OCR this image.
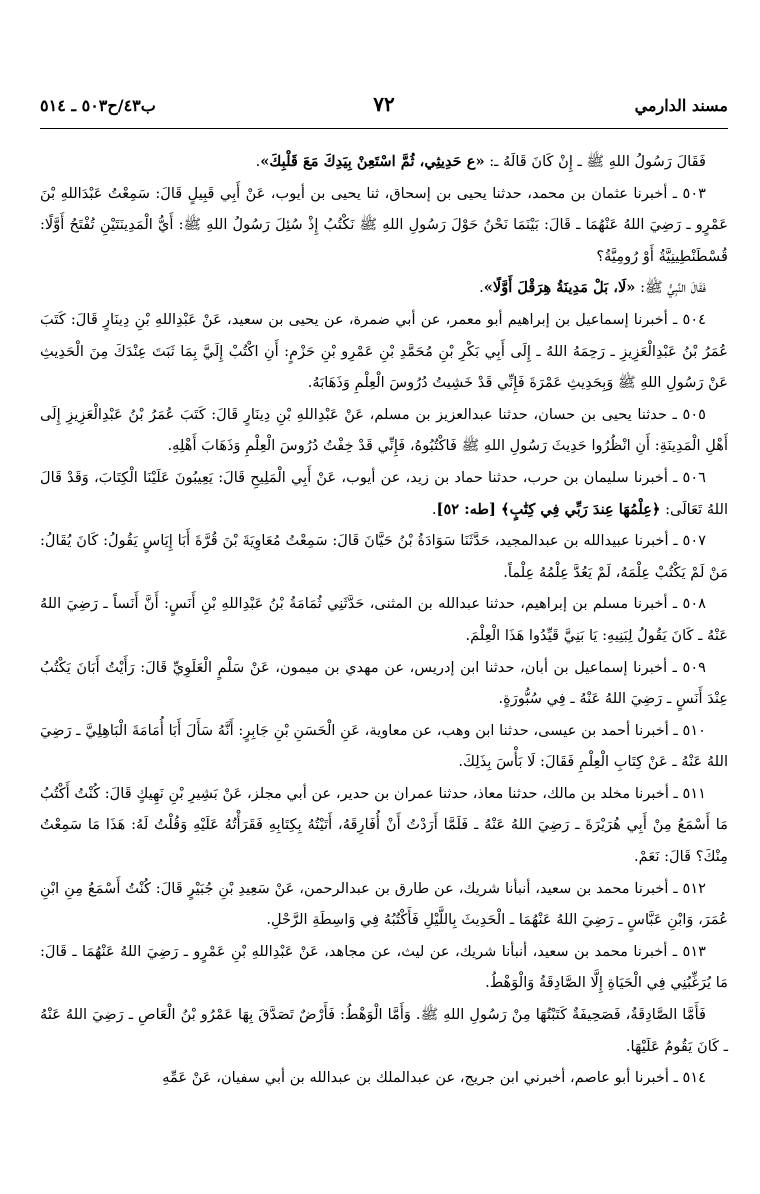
مسند الدارمي
٧٢
ب٤٣/ح٥٠٣ ـ ٥١٤

فَقَالَ رَسُولُ اللهِ ﷺ ـ إِنْ كَانَ قَالَهُ ـ: «ع حَدِيثِي، ثُمَّ اسْتَعِنْ بِيَدِكَ مَعَ قَلْبِكَ».

٥٠٣ ـ أخبرنا عثمان بن محمد، حدثنا يحيى بن إسحاق، ثنا يحيى بن أيوب، عَنْ أَبِي قَبِيلٍ قَالَ: سَمِعْتُ عَبْدَاللهِ بْنَ عَمْرٍو ـ رَضِيَ اللهُ عَنْهُمَا ـ قَالَ: بَيْنَمَا نَحْنُ حَوْلَ رَسُولِ اللهِ ﷺ نَكْتُبُ إِذْ سُئِلَ رَسُولُ اللهِ ﷺ: أَيُّ الْمَدِينَتَيْنِ تُفْتَحُ أَوَّلًا: قُسْطَنْطِينِيَّةُ أَوْ رُومِيَّةُ؟

فَقَالَ النَّبِيُّ ﷺ: «لَا، بَلْ مَدِينَةُ هِرَقْلَ أَوَّلًا».

٥٠٤ ـ أخبرنا إسماعيل بن إبراهيم أبو معمر، عن أبي ضمرة، عن يحيى بن سعيد، عَنْ عَبْدِاللهِ بْنِ دِينَارٍ قَالَ: كَتَبَ عُمَرُ بْنُ عَبْدِالْعَزِيزِ ـ رَحِمَهُ اللهُ ـ إِلَى أَبِي بَكْرِ بْنِ مُحَمَّدِ بْنِ عَمْرِو بْنِ حَزْمٍ: أَنِ اكْتُبْ إِلَيَّ بِمَا ثَبَتَ عِنْدَكَ مِنَ الْحَدِيثِ عَنْ رَسُولِ اللهِ ﷺ وَبِحَدِيثِ عَمْرَةَ فَإِنِّي قَدْ خَشِيتُ دُرُوسَ الْعِلْمِ وَذَهَابَهُ.

٥٠٥ ـ حدثنا يحيى بن حسان، حدثنا عبدالعزيز بن مسلم، عَنْ عَبْدِاللهِ بْنِ دِينَارٍ قَالَ: كَتَبَ عُمَرُ بْنُ عَبْدِالْعَزِيزِ إِلَى أَهْلِ الْمَدِينَةِ: أَنِ انْظُرُوا حَدِيثَ رَسُولِ اللهِ ﷺ فَاكْتُبُوهُ، فَإِنِّي قَدْ خِفْتُ دُرُوسَ الْعِلْمِ وَذَهَابَ أَهْلِهِ.

٥٠٦ ـ أخبرنا سليمان بن حرب، حدثنا حماد بن زيد، عن أيوب، عَنْ أَبِي الْمَلِيحِ قَالَ: يَعِيبُونَ عَلَيْنَا الْكِتَابَ، وَقَدْ قَالَ اللهُ تَعَالَى: ﴿عِلْمُهَا عِندَ رَبِّي فِي كِتَٰبٍ﴾ [طه: ٥٢].

٥٠٧ ـ أخبرنا عبيدالله بن عبدالمجيد، حَدَّثَنَا سَوَادَةُ بْنُ حَيَّانَ قَالَ: سَمِعْتُ مُعَاوِيَةَ بْنَ قُرَّةَ أَبَا إِيَاسٍ يَقُولُ: كَانَ يُقَالُ: مَنْ لَمْ يَكْتُبْ عِلْمَهُ، لَمْ يَعُدَّ عِلْمُهُ عِلْماً.

٥٠٨ ـ أخبرنا مسلم بن إبراهيم، حدثنا عبدالله بن المثنى، حَدَّثَنِي ثُمَامَةُ بْنُ عَبْدِاللهِ بْنِ أَنَسٍ: أَنَّ أَنَساً ـ رَضِيَ اللهُ عَنْهُ ـ كَانَ يَقُولُ لِبَنِيهِ: يَا بَنِيَّ قَيِّدُوا هَذَا الْعِلْمَ.

٥٠٩ ـ أخبرنا إسماعيل بن أبان، حدثنا ابن إدريس، عن مهدي بن ميمون، عَنْ سَلْمٍ الْعَلَوِيِّ قَالَ: رَأَيْتُ أَبَانَ يَكْتُبُ عِنْدَ أَنَسٍ ـ رَضِيَ اللهُ عَنْهُ ـ فِي سُبُّورَةٍ.

٥١٠ ـ أخبرنا أحمد بن عيسى، حدثنا ابن وهب، عن معاوية، عَنِ الْحَسَنِ بْنِ جَابِرٍ: أَنَّهُ سَأَلَ أَبَا أُمَامَةَ الْبَاهِلِيَّ ـ رَضِيَ اللهُ عَنْهُ ـ عَنْ كِتَابِ الْعِلْمِ فَقَالَ: لَا بَأْسَ بِذَلِكَ.

٥١١ ـ أخبرنا مخلد بن مالك، حدثنا معاذ، حدثنا عمران بن حدير، عن أبي مجلز، عَنْ بَشِيرِ بْنِ نَهِيكٍ قَالَ: كُنْتُ أَكْتُبُ مَا أَسْمَعُ مِنْ أَبِي هُرَيْرَةَ ـ رَضِيَ اللهُ عَنْهُ ـ فَلَمَّا أَرَدْتُ أَنْ أُفَارِقَهُ، أَتَيْتُهُ بِكِتَابِهِ فَقَرَأْتُهُ عَلَيْهِ وَقُلْتُ لَهُ: هَذَا مَا سَمِعْتُ مِنْكَ؟ قَالَ: نَعَمْ.

٥١٢ ـ أخبرنا محمد بن سعيد، أنبأنا شريك، عن طارق بن عبدالرحمن، عَنْ سَعِيدِ بْنِ جُبَيْرٍ قَالَ: كُنْتُ أَسْمَعُ مِنِ ابْنِ عُمَرَ، وَابْنِ عَبَّاسٍ ـ رَضِيَ اللهُ عَنْهُمَا ـ الْحَدِيثَ بِاللَّيْلِ فَأَكْتُبُهُ فِي وَاسِطَةِ الرَّحْلِ.

٥١٣ ـ أخبرنا محمد بن سعيد، أنبأنا شريك، عن ليث، عن مجاهد، عَنْ عَبْدِاللهِ بْنِ عَمْرٍو ـ رَضِيَ اللهُ عَنْهُمَا ـ قَالَ: مَا يُرَغِّبُنِي فِي الْحَيَاةِ إِلَّا الصَّادِقَةُ وَالْوَهْطُ.

فَأَمَّا الصَّادِقَةُ، فَصَحِيفَةٌ كَتَبْتُهَا مِنْ رَسُولِ اللهِ ﷺ. وَأَمَّا الْوَهْطُ: فَأَرْضٌ تَصَدَّقَ بِهَا عَمْرُو بْنُ الْعَاصِ ـ رَضِيَ اللهُ عَنْهُ ـ كَانَ يَقُومُ عَلَيْهَا.

٥١٤ ـ أخبرنا أبو عاصم، أخبرني ابن جريج، عن عبدالملك بن عبدالله بن أبي سفيان، عَنْ عَمِّهِ
